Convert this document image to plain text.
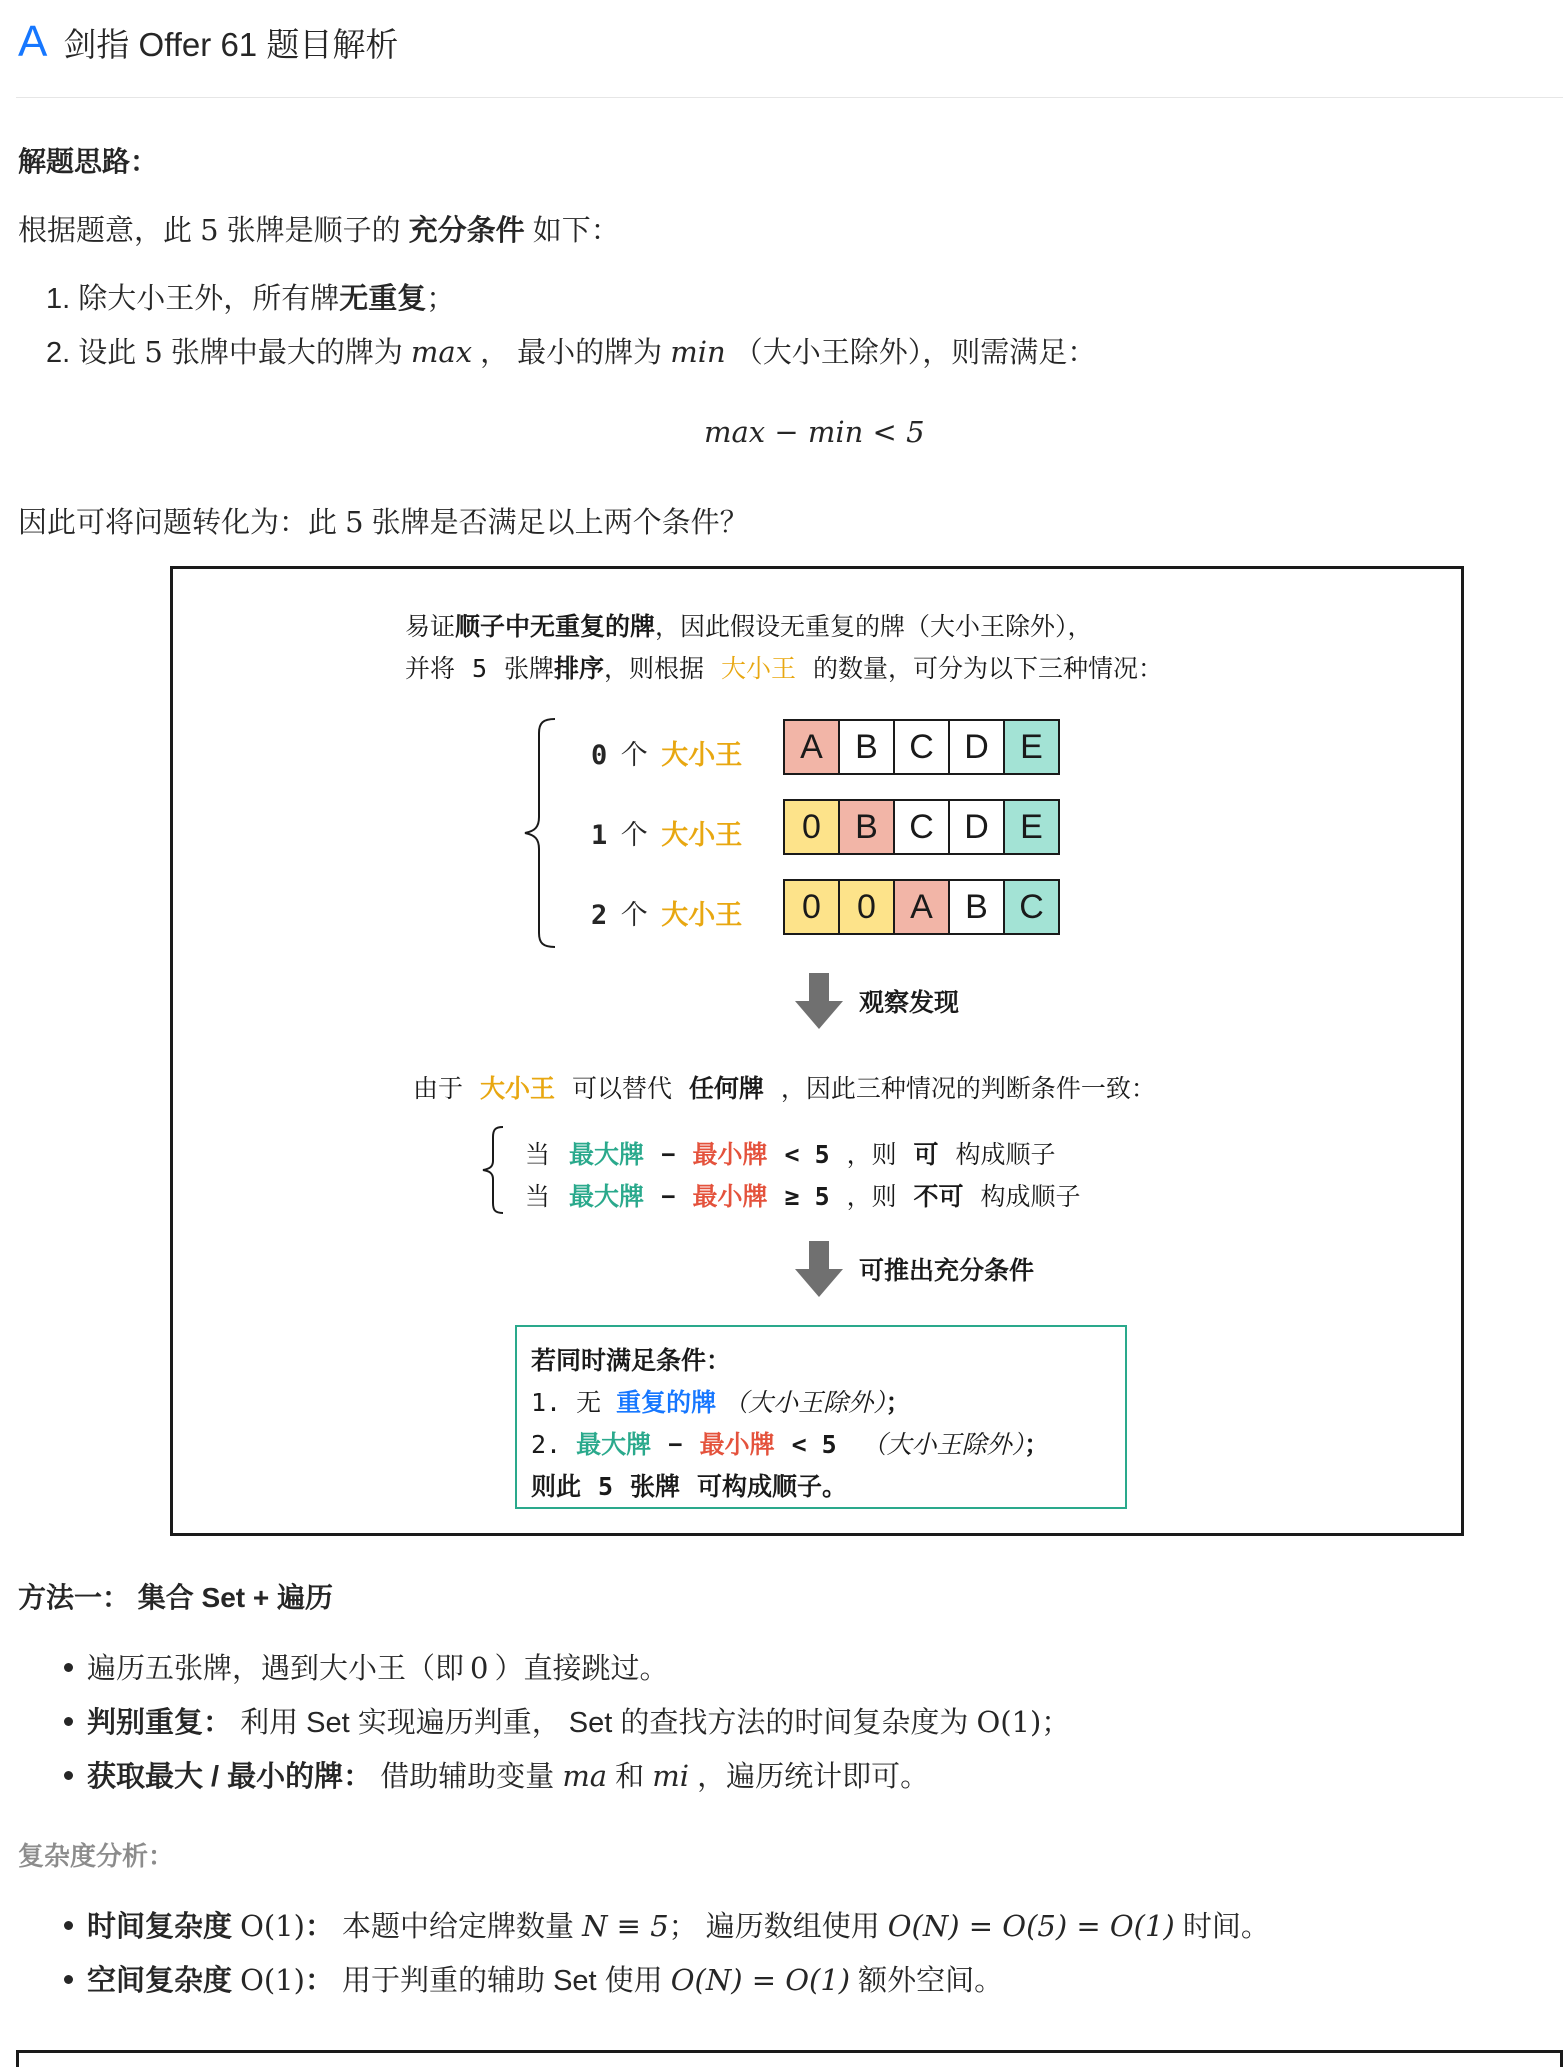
A 剑指 Offer 61 题目解析
解题思路：
根据题意，此 5 张牌是顺子的 充分条件 如下：
1. 除大小王外，所有牌无重复；
2. 设此 5 张牌中最大的牌为 max ， 最小的牌为 min （大小王除外），则需满足：
max − min < 5
因此可将问题转化为：此 5 张牌是否满足以上两个条件？
易证顺子中无重复的牌，因此假设无重复的牌（大小王除外），
并将 5 张牌排序，则根据 大小王 的数量，可分为以下三种情况：
0 个 大小王	A B C D E
1 个 大小王	0	B C D E
2 个 大小王	0	0	A B C
观察发现
由于 大小王 可以替代 任何牌 ，因此三种情况的判断条件一致：
当 最大牌 − 最小牌 < 5 ，则 可 构成顺子
当 最大牌 − 最小牌 ≥ 5 ，则 不可 构成顺子
可推出充分条件
若同时满足条件：
1. 无 重复的牌 （大小王除外）；
2. 最大牌 − 最小牌 < 5 （大小王除外）；
则此 5 张牌 可构成顺子。
方法一： 集合 Set + 遍历
遍历五张牌，遇到大小王（即 0 ）直接跳过。
判别重复： 利用 Set 实现遍历判重， Set 的查找方法的时间复杂度为 O(1)；
获取最大 / 最小的牌： 借助辅助变量 ma 和 mi ，遍历统计即可。
复杂度分析：
时间复杂度 O(1)： 本题中给定牌数量 N ≡ 5； 遍历数组使用 O(N) = O(5) = O(1) 时间。
空间复杂度 O(1)： 用于判重的辅助 Set 使用 O(N) = O(1) 额外空间。
